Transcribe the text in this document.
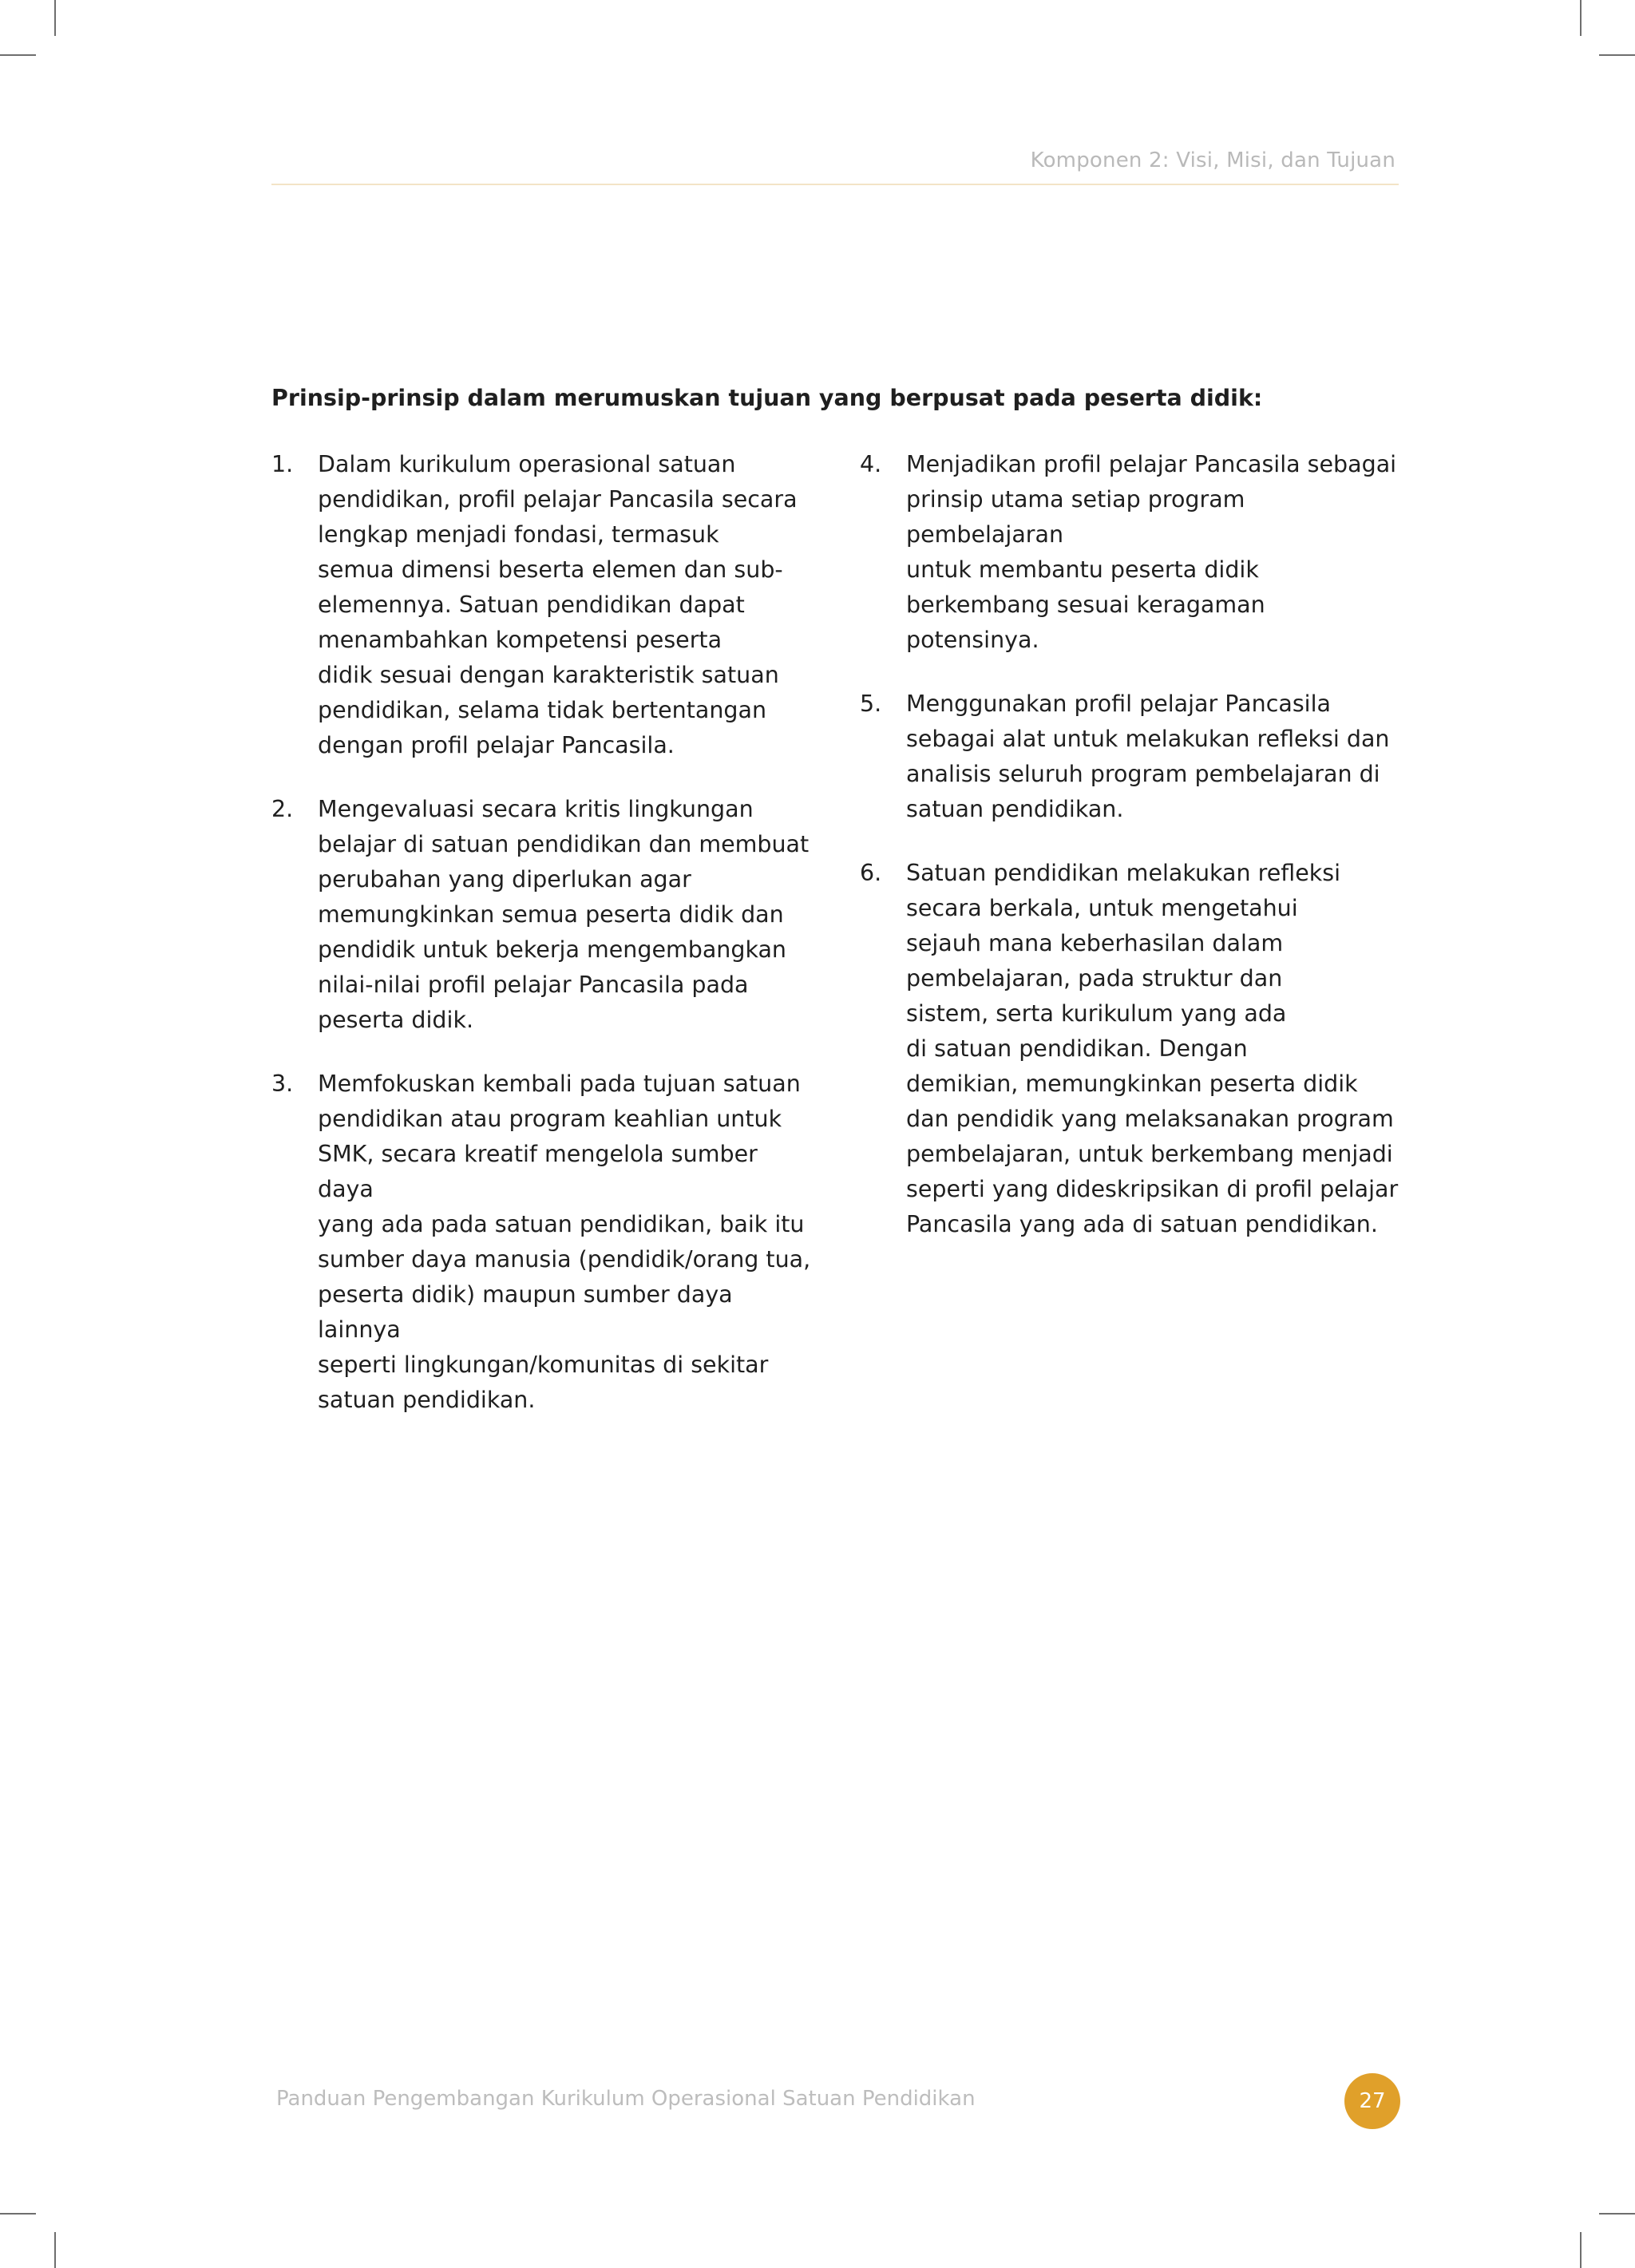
Komponen 2: Visi, Misi, dan Tujuan

Prinsip-prinsip dalam merumuskan tujuan yang berpusat pada peserta didik:

1. Dalam kurikulum operasional satuan
pendidikan, profil pelajar Pancasila secara
lengkap menjadi fondasi, termasuk
semua dimensi beserta elemen dan sub-
elemennya. Satuan pendidikan dapat
menambahkan kompetensi peserta
didik sesuai dengan karakteristik satuan
pendidikan, selama tidak bertentangan
dengan profil pelajar Pancasila.
2. Mengevaluasi secara kritis lingkungan
belajar di satuan pendidikan dan membuat
perubahan yang diperlukan agar
memungkinkan semua peserta didik dan
pendidik untuk bekerja mengembangkan
nilai-nilai profil pelajar Pancasila pada
peserta didik.
3. Memfokuskan kembali pada tujuan satuan
pendidikan atau program keahlian untuk
SMK, secara kreatif mengelola sumber daya
yang ada pada satuan pendidikan, baik itu
sumber daya manusia (pendidik/orang tua,
peserta didik) maupun sumber daya lainnya
seperti lingkungan/komunitas di sekitar
satuan pendidikan.
4. Menjadikan profil pelajar Pancasila sebagai
prinsip utama setiap program pembelajaran
untuk membantu peserta didik
berkembang sesuai keragaman potensinya.
5. Menggunakan profil pelajar Pancasila
sebagai alat untuk melakukan refleksi dan
analisis seluruh program pembelajaran di
satuan pendidikan.
6. Satuan pendidikan melakukan refleksi
secara berkala, untuk mengetahui
sejauh mana keberhasilan dalam
pembelajaran, pada struktur dan
sistem, serta kurikulum yang ada
di satuan pendidikan. Dengan
demikian, memungkinkan peserta didik
dan pendidik yang melaksanakan program
pembelajaran, untuk berkembang menjadi
seperti yang dideskripsikan di profil pelajar
Pancasila yang ada di satuan pendidikan.
Panduan Pengembangan Kurikulum Operasional Satuan Pendidikan	27
